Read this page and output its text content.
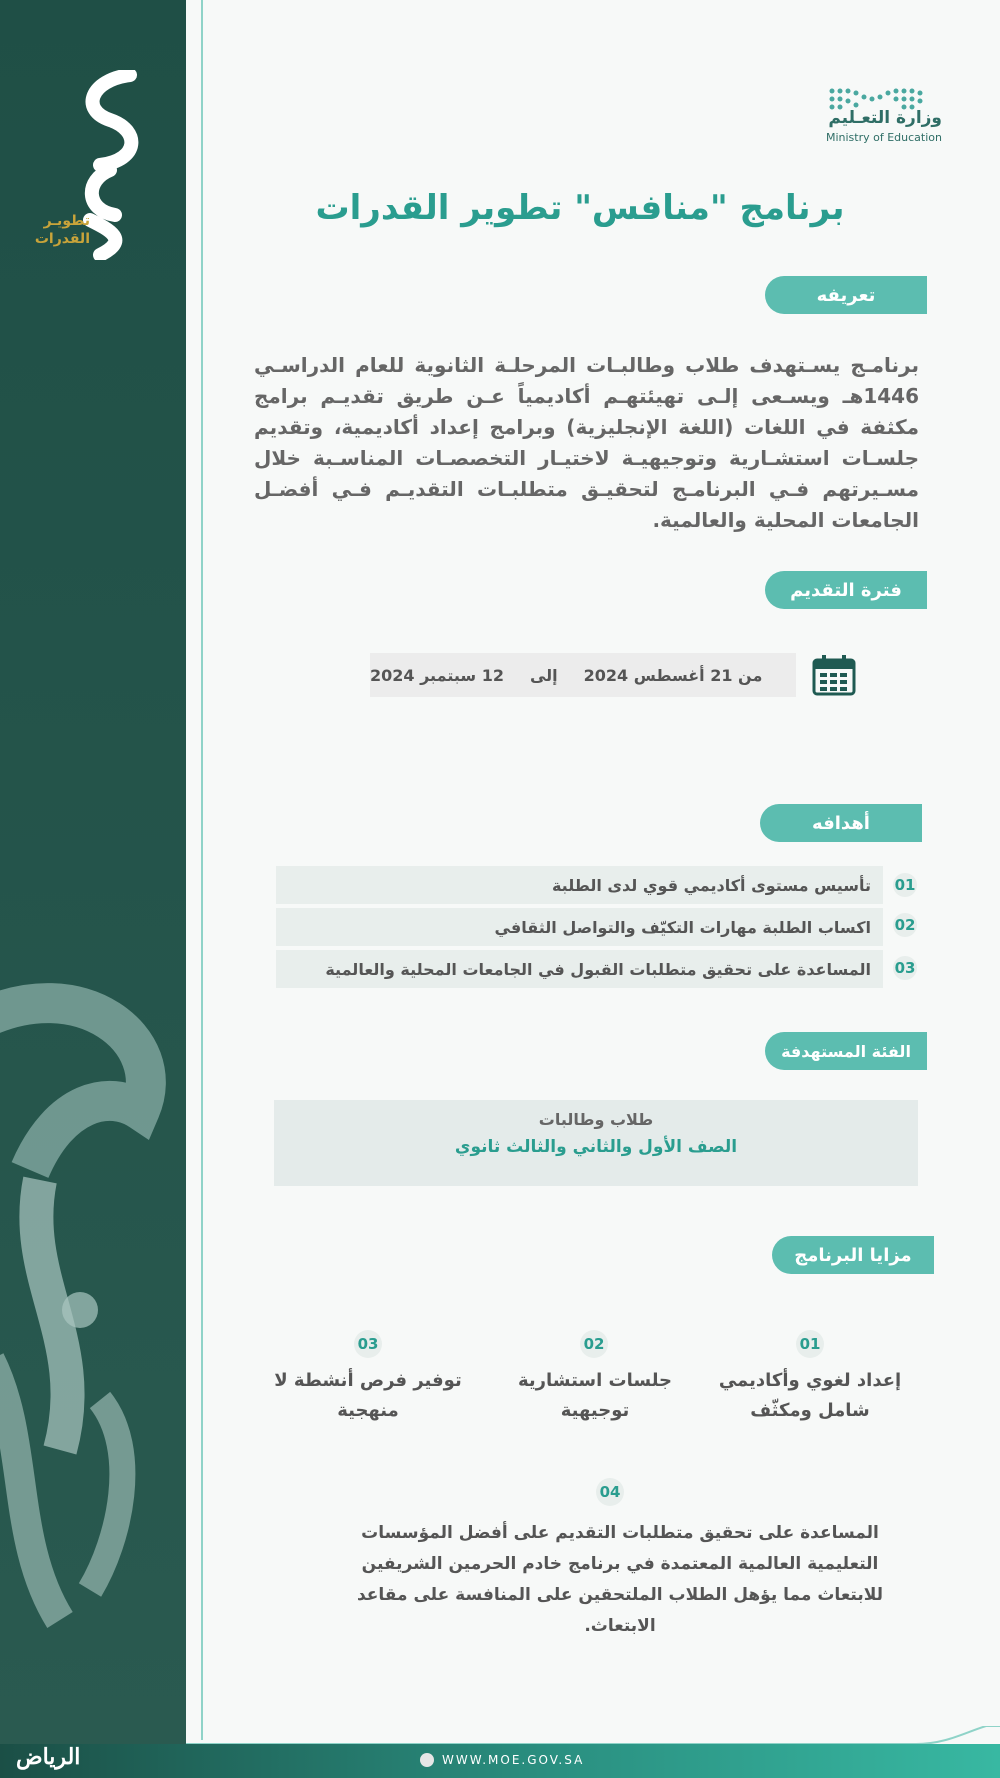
تطويـر
القدرات
وزارة التعـليم
Ministry of Education
برنامج "منافس" تطوير القدرات
تعريفه
برنامـج يسـتهدف طلاب وطالبـات المرحلـة الثانوية للعام الدراسـي 1446هـ ويسـعى إلـى تهيئتهـم أكاديمياً عـن طريق تقديـم برامج مكثفة في اللغات (اللغة الإنجليزية) وبرامج إعداد أكاديمية، وتقديم جلسـات استشـارية وتوجيهيـة لاختيـار التخصصـات المناسـبة خلال مسـيرتهم فـي البرنامـج لتحقيـق متطلبـات التقديـم فـي أفضـل الجامعات المحلية والعالمية.
فترة التقديم
من 21 أغسطس 2024
إلى
12 سبتمبر 2024
أهدافه
تأسيس مستوى أكاديمي قوي لدى الطلبة	01
اكساب الطلبة مهارات التكيّف والتواصل الثقافي	02
المساعدة على تحقيق متطلبات القبول في الجامعات المحلية والعالمية	03
الفئة المستهدفة
طلاب وطالبات
الصف الأول والثاني والثالث ثانوي
مزايا البرنامج
01
إعداد لغوي وأكاديمي شامل ومكثّف
02
جلسات استشارية توجيهية
03
توفير فرص أنشطة لا منهجية
04
المساعدة على تحقيق متطلبات التقديم على أفضل المؤسسات التعليمية العالمية المعتمدة في برنامج خادم الحرمين الشريفين للابتعاث مما يؤهل الطلاب الملتحقين على المنافسة على مقاعد الابتعاث.
WWW.MOE.GOV.SA
الرياض
